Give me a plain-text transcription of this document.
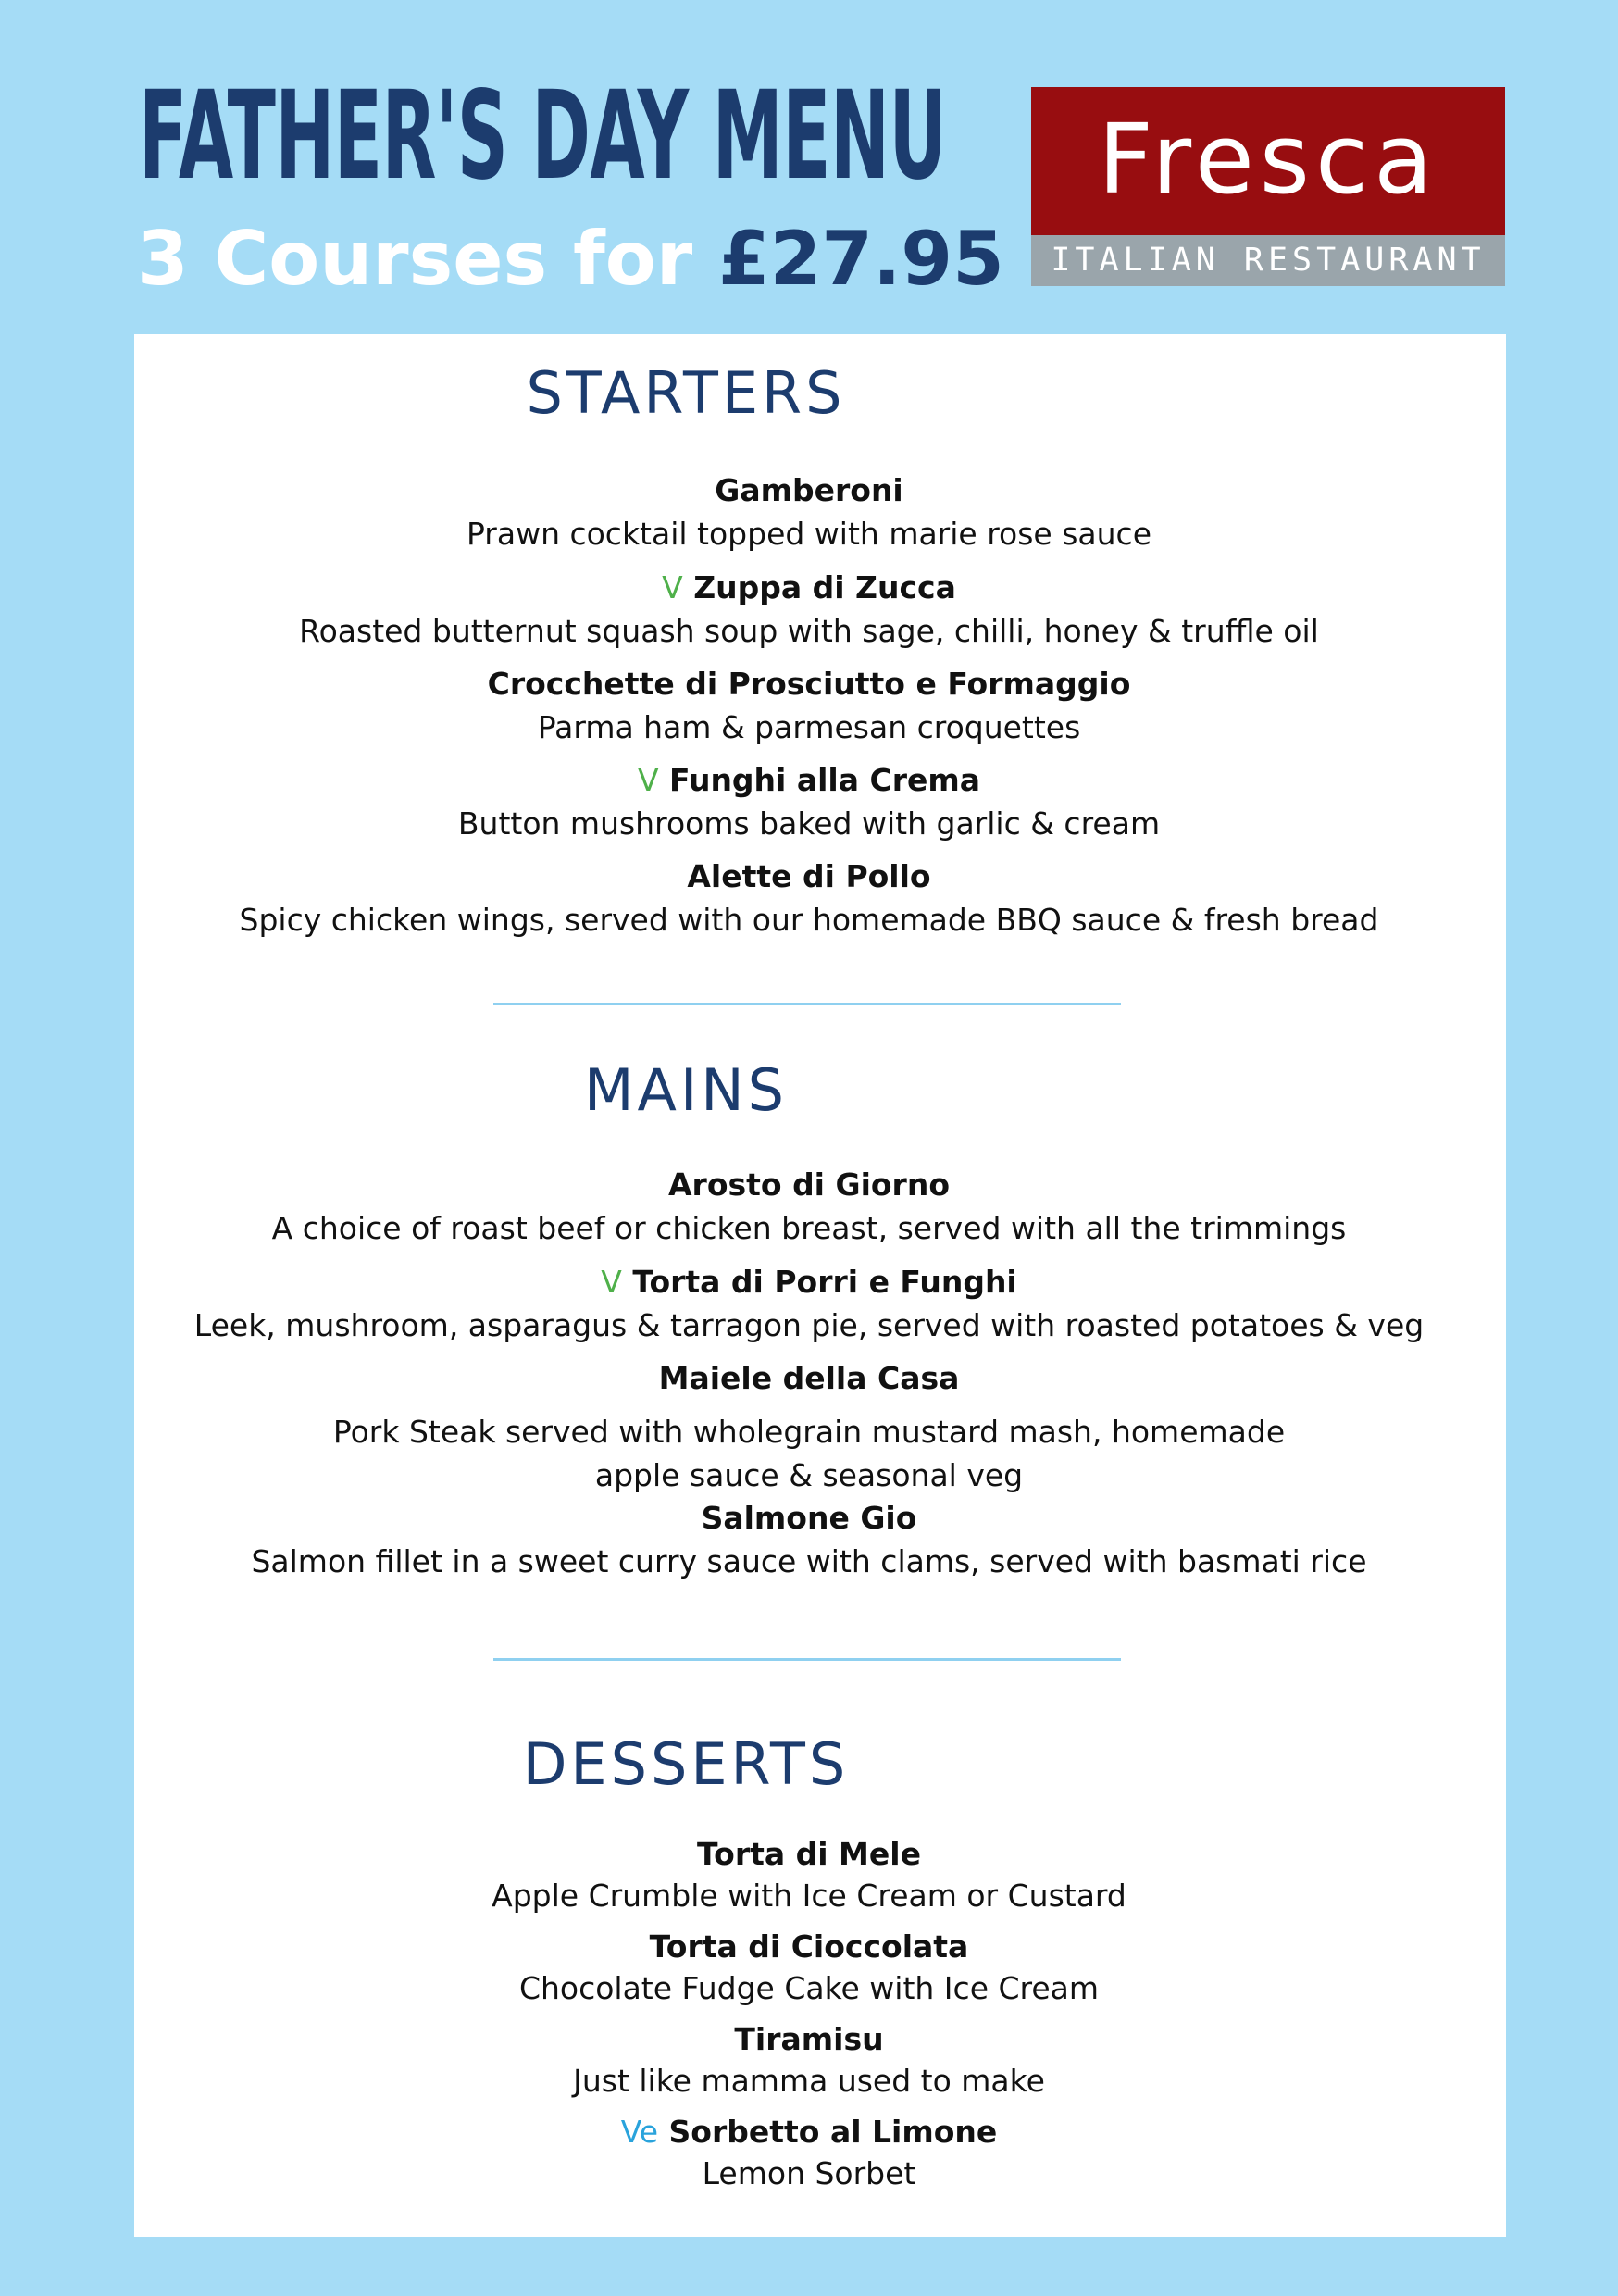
FATHER'S DAY MENU
3 Courses for £27.95
Fresca
ITALIAN RESTAURANT
STARTERS
MAINS
DESSERTS
Gamberoni
Prawn cocktail topped with marie rose sauce
V Zuppa di Zucca
Roasted butternut squash soup with sage, chilli, honey & truffle oil
Crocchette di Prosciutto e Formaggio
Parma ham & parmesan croquettes
V Funghi alla Crema
Button mushrooms baked with garlic & cream
Alette di Pollo
Spicy chicken wings, served with our homemade BBQ sauce & fresh bread
Arosto di Giorno
A choice of roast beef or chicken breast, served with all the trimmings
V Torta di Porri e Funghi
Leek, mushroom, asparagus & tarragon pie, served with roasted potatoes & veg
Maiele della Casa
Pork Steak served with wholegrain mustard mash, homemade
apple sauce & seasonal veg
Salmone Gio
Salmon fillet in a sweet curry sauce with clams, served with basmati rice
Torta di Mele
Apple Crumble with Ice Cream or Custard
Torta di Cioccolata
Chocolate Fudge Cake with Ice Cream
Tiramisu
Just like mamma used to make
Ve Sorbetto al Limone
Lemon Sorbet
